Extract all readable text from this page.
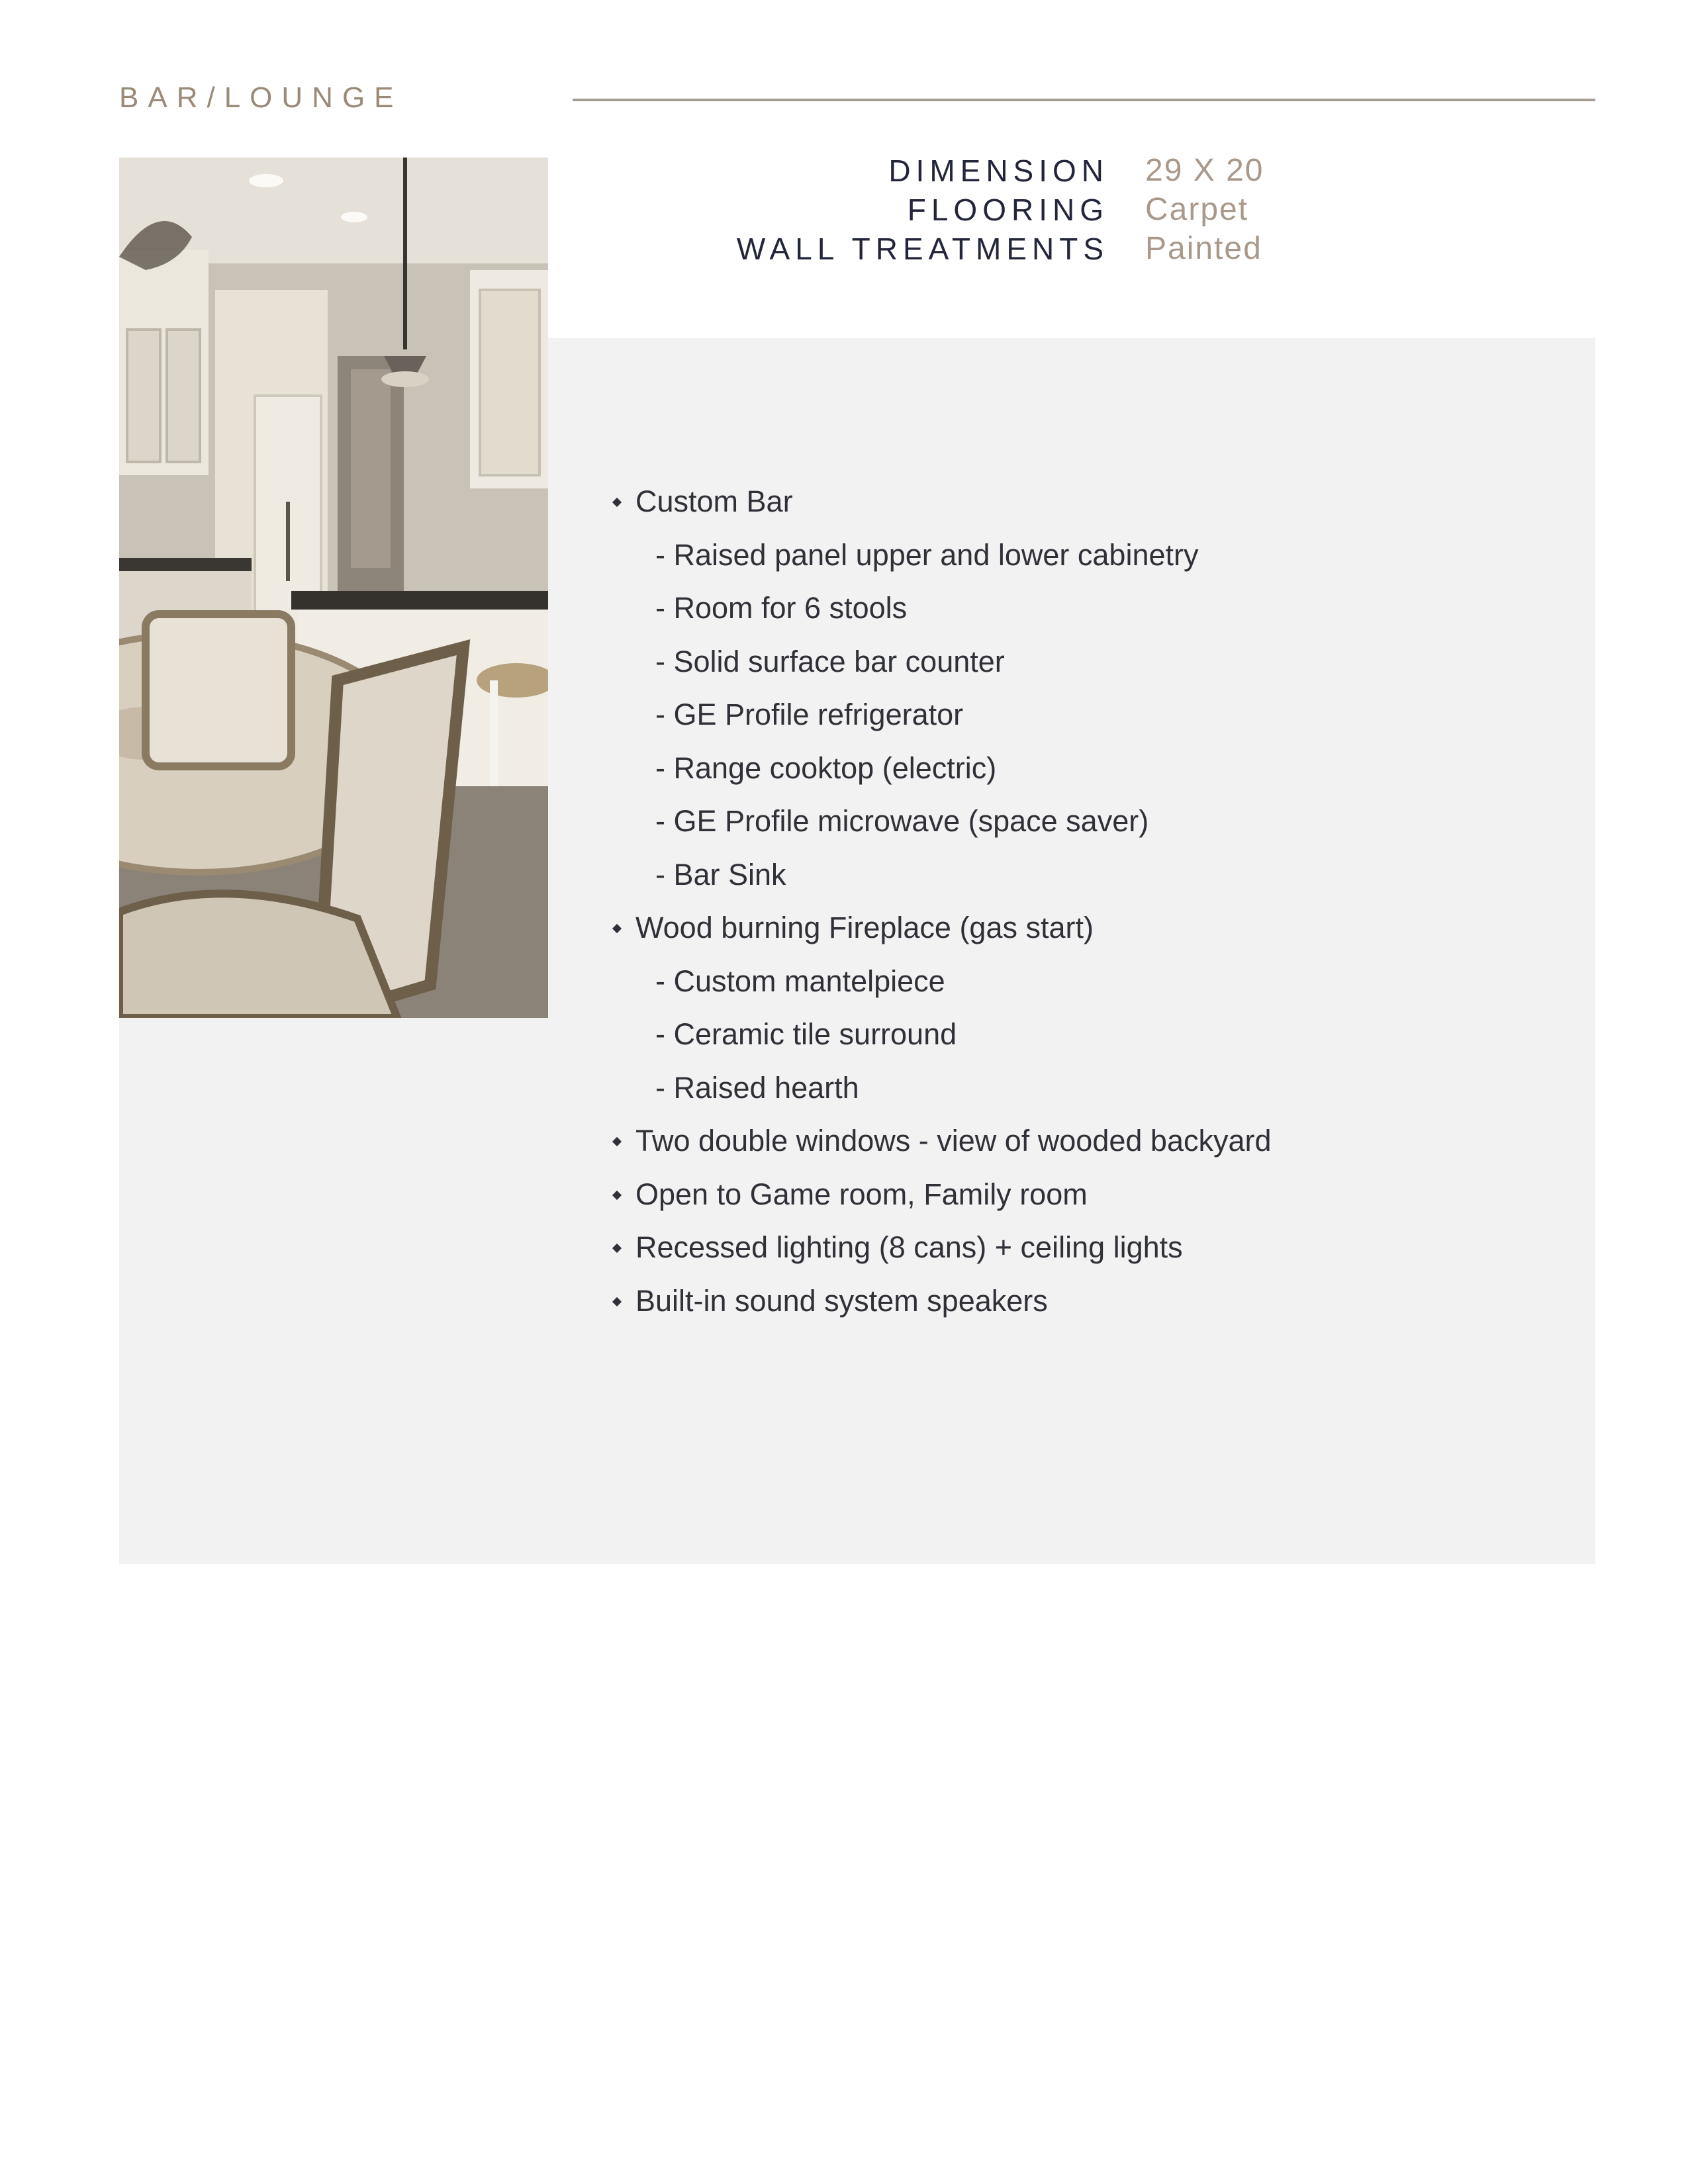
BAR/LOUNGE
DIMENSION 29 X 20
FLOORING Carpet
WALL TREATMENTS Painted
Custom Bar
- Raised panel upper and lower cabinetry
- Room for 6 stools
- Solid surface bar counter
- GE Profile refrigerator
- Range cooktop (electric)
- GE Profile microwave (space saver)
- Bar Sink
Wood burning Fireplace (gas start)
- Custom mantelpiece
- Ceramic tile surround
- Raised hearth
Two double windows - view of wooded backyard
Open to Game room, Family room
Recessed lighting (8 cans) + ceiling lights
Built-in sound system speakers
